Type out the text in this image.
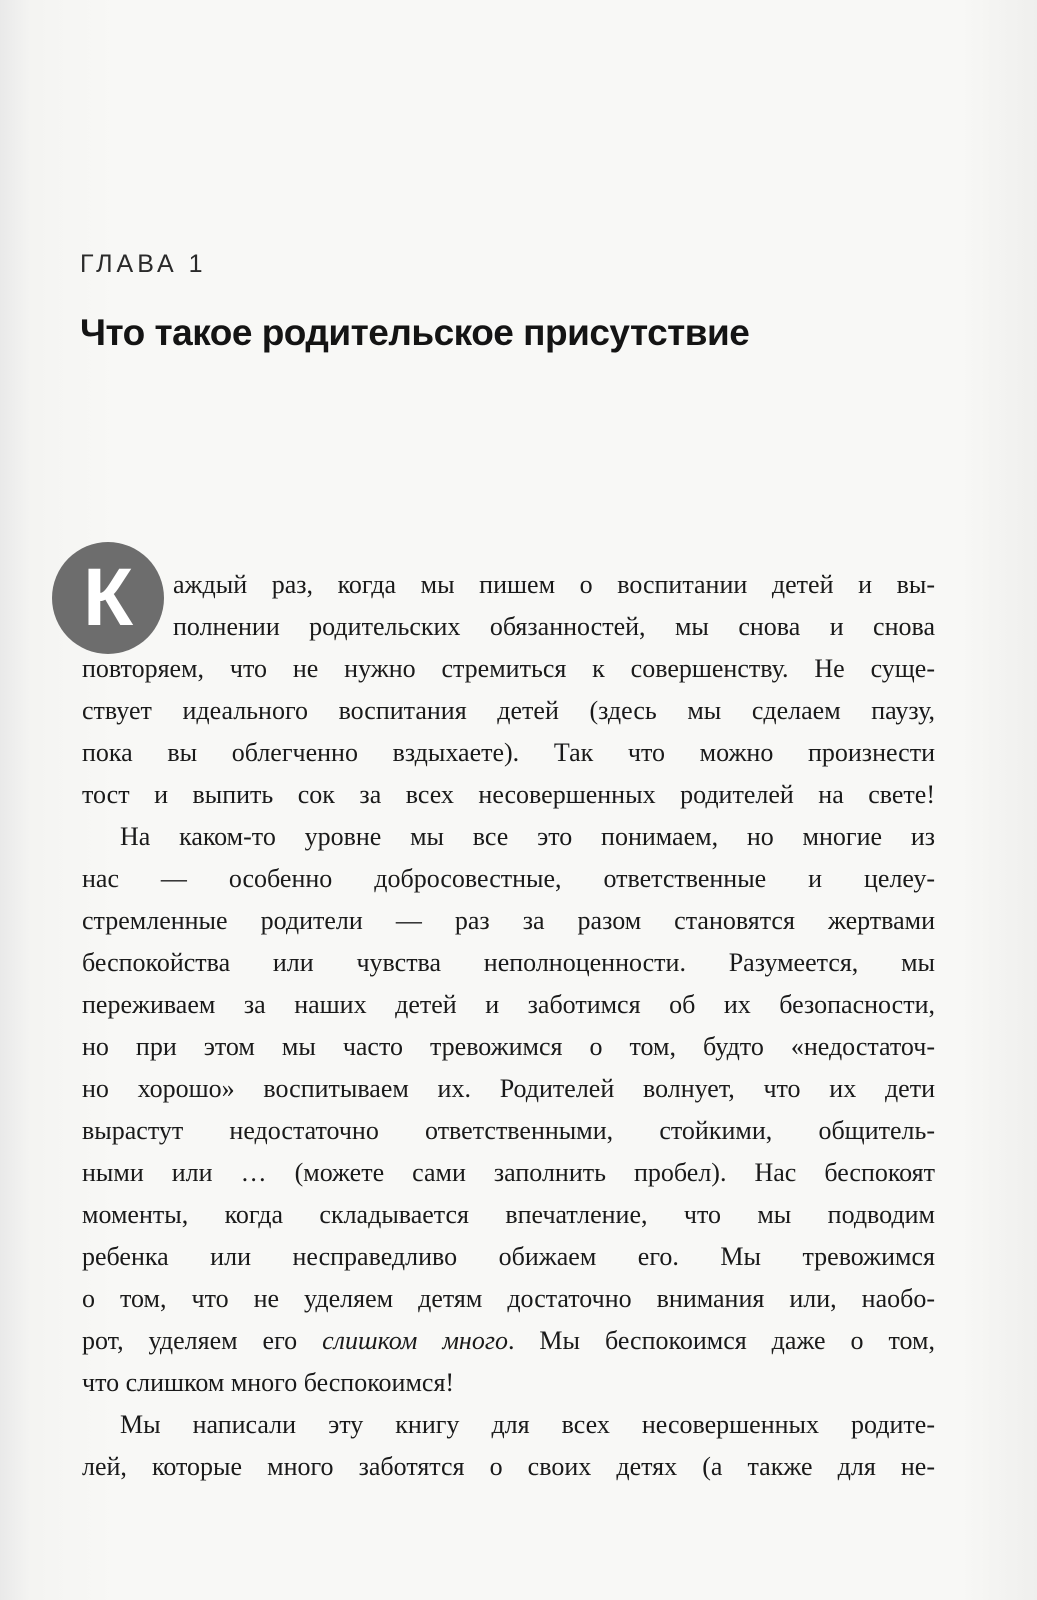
ГЛАВА 1
Что такое родительское присутствие
К	аждый раз, когда мы пишем о воспитании детей и вы-
полнении родительских обязанностей, мы снова и снова
повторяем, что не нужно стремиться к совершенству. Не суще-
ствует идеального воспитания детей (здесь мы сделаем паузу,
пока вы облегченно вздыхаете). Так что можно произнести
тост и выпить сок за всех несовершенных родителей на свете!
На каком-то уровне мы все это понимаем, но многие из
нас — особенно добросовестные, ответственные и целеу-
стремленные родители — раз за разом становятся жертвами
беспокойства или чувства неполноценности. Разумеется, мы
переживаем за наших детей и заботимся об их безопасности,
но при этом мы часто тревожимся о том, будто «недостаточ-
но хорошо» воспитываем их. Родителей волнует, что их дети
вырастут недостаточно ответственными, стойкими, общитель-
ными или … (можете сами заполнить пробел). Нас беспокоят
моменты, когда складывается впечатление, что мы подводим
ребенка или несправедливо обижаем его. Мы тревожимся
о том, что не уделяем детям достаточно внимания или, наобо-
рот, уделяем его слишком много. Мы беспокоимся даже о том,
что слишком много беспокоимся!
Мы написали эту книгу для всех несовершенных родите-
лей, которые много заботятся о своих детях (а также для не-
